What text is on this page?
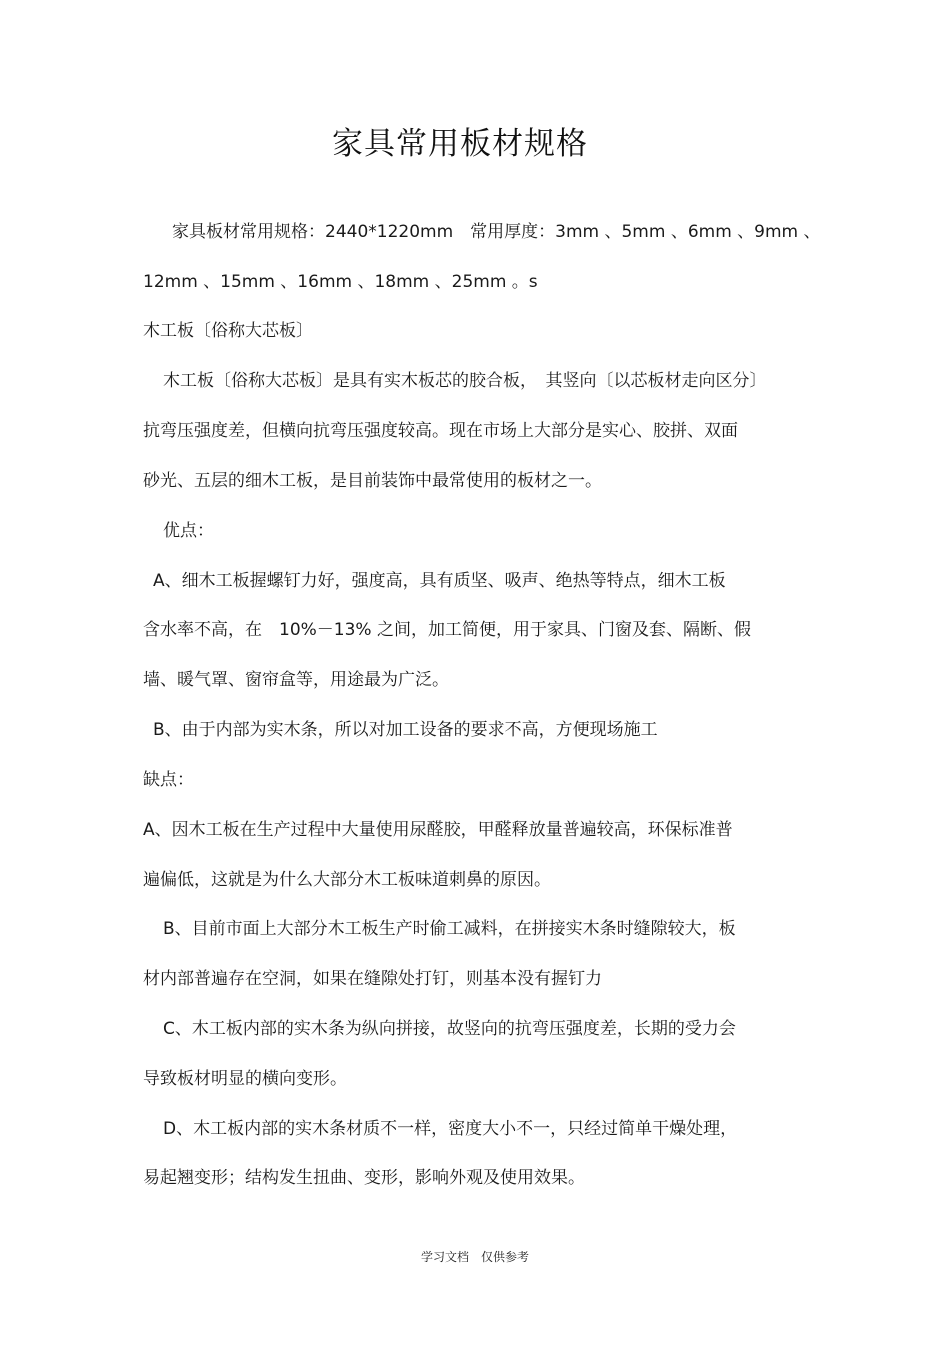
家具常用板材规格
家具板材常用规格：2440*1220mm　常用厚度：3mm 、5mm 、6mm 、9mm 、
12mm 、15mm 、16mm 、18mm 、25mm 。s
木工板〔俗称大芯板〕
木工板〔俗称大芯板〕是具有实木板芯的胶合板，　其竖向〔以芯板材走向区分〕
抗弯压强度差，但横向抗弯压强度较高。现在市场上大部分是实心、胶拼、双面
砂光、五层的细木工板，是目前装饰中最常使用的板材之一。
优点：
A、细木工板握螺钉力好，强度高，具有质坚、吸声、绝热等特点，细木工板
含水率不高，在　10%－13% 之间，加工简便，用于家具、门窗及套、隔断、假
墙、暖气罩、窗帘盒等，用途最为广泛。
B、由于内部为实木条，所以对加工设备的要求不高，方便现场施工
缺点：
A、因木工板在生产过程中大量使用尿醛胶，甲醛释放量普遍较高，环保标准普
遍偏低，这就是为什么大部分木工板味道刺鼻的原因。
B、目前市面上大部分木工板生产时偷工减料，在拼接实木条时缝隙较大，板
材内部普遍存在空洞，如果在缝隙处打钉，则基本没有握钉力
C、木工板内部的实木条为纵向拼接，故竖向的抗弯压强度差，长期的受力会
导致板材明显的横向变形。
D、木工板内部的实木条材质不一样，密度大小不一，只经过简单干燥处理，
易起翘变形；结构发生扭曲、变形，影响外观及使用效果。
学习文档　仅供参考
